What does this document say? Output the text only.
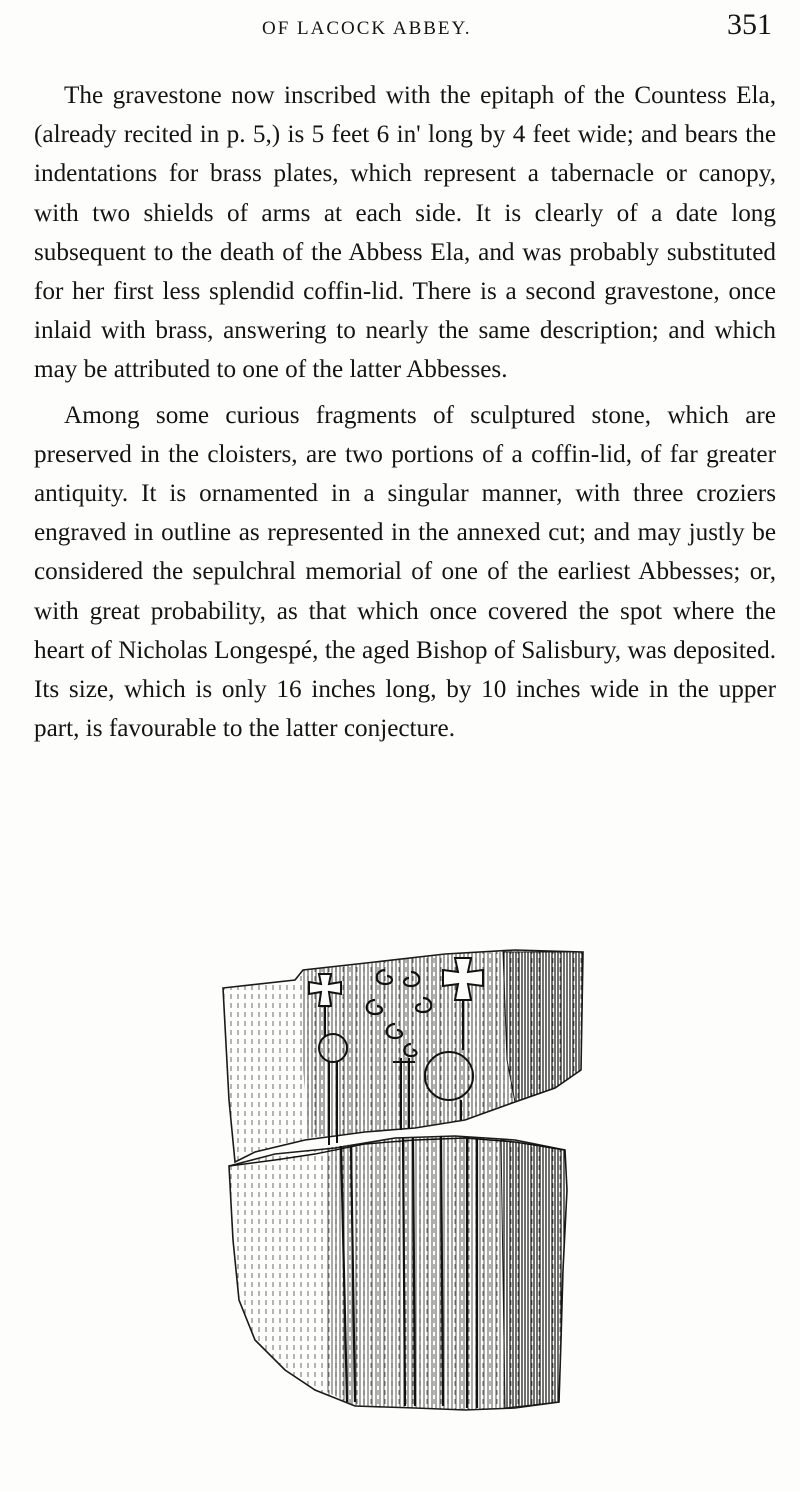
OF LACOCK ABBEY.	351

The gravestone now inscribed with the epitaph of the Countess Ela, (already recited in p. 5,) is 5 feet 6 in' long by 4 feet wide; and bears the indentations for brass plates, which represent a tabernacle or canopy, with two shields of arms at each side. It is clearly of a date long subsequent to the death of the Abbess Ela, and was probably substituted for her first less splendid coffin-lid. There is a second gravestone, once inlaid with brass, answering to nearly the same description; and which may be attributed to one of the latter Abbesses.

Among some curious fragments of sculptured stone, which are preserved in the cloisters, are two portions of a coffin-lid, of far greater antiquity. It is ornamented in a singular manner, with three croziers engraved in outline as represented in the annexed cut; and may justly be considered the sepulchral memorial of one of the earliest Abbesses; or, with great probability, as that which once covered the spot where the heart of Nicholas Longespé, the aged Bishop of Salisbury, was deposited. Its size, which is only 16 inches long, by 10 inches wide in the upper part, is favourable to the latter conjecture.
